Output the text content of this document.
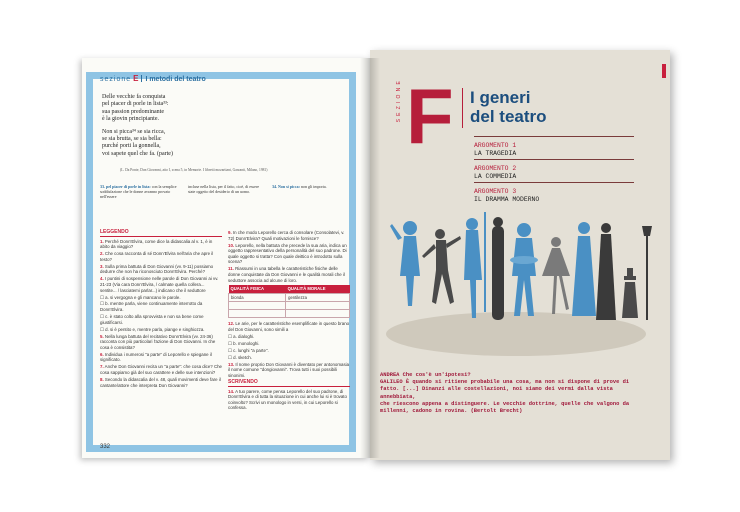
sezione E I metodi del teatro
Delle vecchie fa conquista
pel piacer di porle in lista³³:
sua passion predominante
è la giovin principiante.
Non si picca³⁴ se sia ricca,
se sia brutta, se sia bella:
purché porti la gonnella,
voi sapete quel che fa. (parte)
(L. Da Ponte, Don Giovanni, atto I, scena 5, in Memorie. I libretti mozartiani, Garzanti, Milano, 1981)
33. pel piacer di porle in lista: con la semplice soddisfazione che le donne avranno provato nell'essere
incluse nella lista, per il fatto, cioè, di essere state oggetto del desiderio di un uomo.
34. Non si picca: non gli importa.
LEGGENDO

1. Perché Donn'Elvira, come dice la didascalia al v. 1, è in abito da viaggio?

2. Che cosa racconta di sé Donn'Elvira nell'aria che apre il testo?

3. Sulla prima battuta di Don Giovanni (vv. 9-11) possiamo dedurre che non ha riconosciuto Donn'Elvira. Perché?

4. I puntini di sospensione nelle parole di Don Giovanni ai vv. 21-23 (Via cara Donn'Elvira, / calmate quella collera... sentite... / lasciatemi parlar...) indicano che il seduttore

☐ a. si vergogna e gli mancano le parole.

☐ b. mentre parla, viene continuamente interrotto da Donn'Elvira.

☐ c. è stato colto alla sprovvista e non sa bene come giustificarsi.

☐ d. si è pentito e, mentre parla, piange e singhiozza.

5. Nella lunga battuta del recitativo Donn'Elvira (vv. 24-36) racconta con più particolari l'azione di Don Giovanni. In che cosa è consistita?

6. Individua i numerosi "a parte" di Leporello e spiegane il significato.

7. Anche Don Giovanni recita un "a parte": che cosa dice? Che cosa sappiamo già del suo carattere e delle sue intenzioni?

8. Secondo la didascalia del v. 48, quali movimenti deve fare il cantante/attore che interpreta Don Giovanni?

9. In che modo Leporello cerca di consolare (Consolatevi, v. 72) Donn'Elvira? Quali motivazioni le fornisce?

10. Leporello, nella battuta che precede la sua aria, indica un oggetto rappresentativo della personalità del suo padrone. Di quale oggetto si tratta? Con quale deittico è introdotto sulla scena?

11. Riassumi in una tabella le caratteristiche fisiche delle donne conquistate da Don Giovanni e le qualità morali che il seduttore associa ad alcune di loro.

QUALITÀ FISICA	QUALITÀ MORALE
bionda	gentilezza

12. Le arie, per le caratteristiche esemplificate in questo brano del Don Giovanni, sono simili a

☐ a. dialoghi.

☐ b. monologhi.

☐ c. lunghi "a parte".

☐ d. sketch.

13. Il nome proprio Don Giovanni è diventato per antonomasia il nome comune "dongiovanni". Trova tutti i suoi possibili sinonimi.

SCRIVENDO

14. A tuo parere, come pensa Leporello del suo padrone, di Donn'Elvira e di tutta la situazione in cui anche lui si è trovato coinvolto? Scrivi un monologo in versi, in cui Leporello si confessa.

332
SEZIONE F I generi
del teatro
ARGOMENTO 1
LA TRAGEDIA
ARGOMENTO 2
LA COMMEDIA
ARGOMENTO 3
IL DRAMMA MODERNO
ANDREA Che cos'è un'ipotesi?
GALILEO È quando si ritiene probabile una cosa, ma non si dispone di prove di
fatto. [...] Dinanzi alle costellazioni, noi siamo dei vermi dalla vista annebbiata,
che riescono appena a distinguere. Le vecchie dottrine, quelle che valgono da
millenni, cadono in rovina. (Bertolt Brecht)
